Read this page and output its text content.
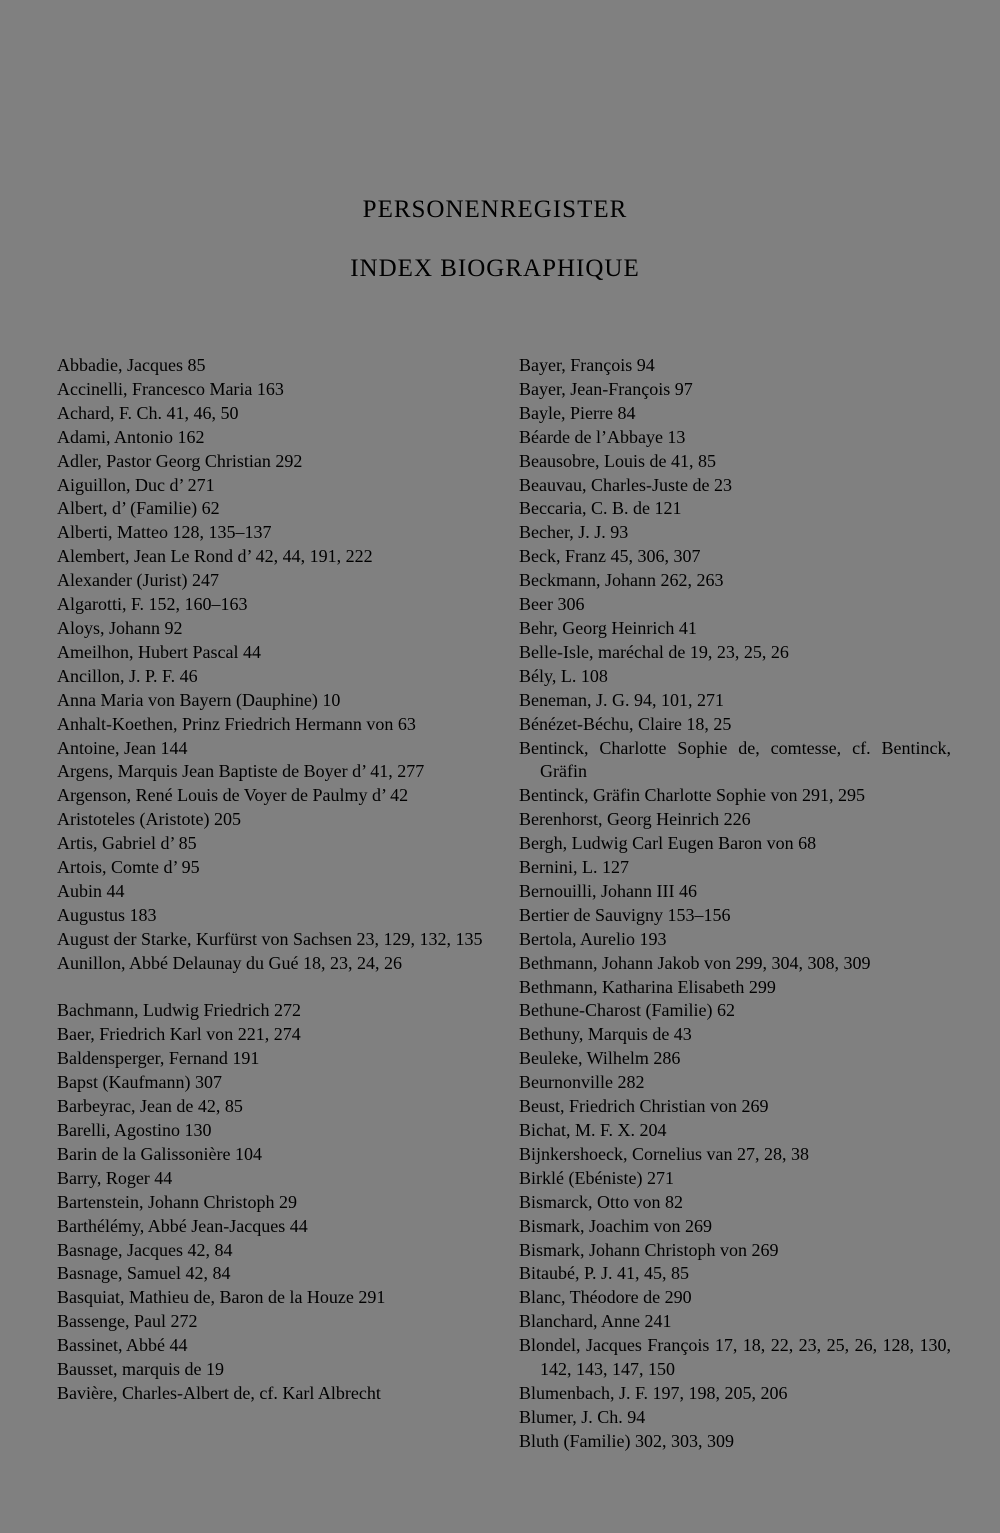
PERSONENREGISTER
INDEX BIOGRAPHIQUE

Abbadie, Jacques 85

Accinelli, Francesco Maria 163

Achard, F. Ch. 41, 46, 50

Adami, Antonio 162

Adler, Pastor Georg Christian 292

Aiguillon, Duc d’ 271

Albert, d’ (Familie) 62

Alberti, Matteo 128, 135–137

Alembert, Jean Le Rond d’ 42, 44, 191, 222

Alexander (Jurist) 247

Algarotti, F. 152, 160–163

Aloys, Johann 92

Ameilhon, Hubert Pascal 44

Ancillon, J. P. F. 46

Anna Maria von Bayern (Dauphine) 10

Anhalt-Koethen, Prinz Friedrich Hermann von 63

Antoine, Jean 144

Argens, Marquis Jean Baptiste de Boyer d’ 41, 277

Argenson, René Louis de Voyer de Paulmy d’ 42

Aristoteles (Aristote) 205

Artis, Gabriel d’ 85

Artois, Comte d’ 95

Aubin 44

Augustus 183

August der Starke, Kurfürst von Sachsen 23, 129, 132, 135

Aunillon, Abbé Delaunay du Gué 18, 23, 24, 26

Bachmann, Ludwig Friedrich 272

Baer, Friedrich Karl von 221, 274

Baldensperger, Fernand 191

Bapst (Kaufmann) 307

Barbeyrac, Jean de 42, 85

Barelli, Agostino 130

Barin de la Galissonière 104

Barry, Roger 44

Bartenstein, Johann Christoph 29

Barthélémy, Abbé Jean-Jacques 44

Basnage, Jacques 42, 84

Basnage, Samuel 42, 84

Basquiat, Mathieu de, Baron de la Houze 291

Bassenge, Paul 272

Bassinet, Abbé 44

Bausset, marquis de 19

Bavière, Charles-Albert de, cf. Karl Albrecht

Bayer, François 94

Bayer, Jean-François 97

Bayle, Pierre 84

Béarde de l’Abbaye 13

Beausobre, Louis de 41, 85

Beauvau, Charles-Juste de 23

Beccaria, C. B. de 121

Becher, J. J. 93

Beck, Franz 45, 306, 307

Beckmann, Johann 262, 263

Beer 306

Behr, Georg Heinrich 41

Belle-Isle, maréchal de 19, 23, 25, 26

Bély, L. 108

Beneman, J. G. 94, 101, 271

Bénézet-Béchu, Claire 18, 25

Bentinck, Charlotte Sophie de, comtesse, cf. Bentinck, Gräfin

Bentinck, Gräfin Charlotte Sophie von 291, 295

Berenhorst, Georg Heinrich 226

Bergh, Ludwig Carl Eugen Baron von 68

Bernini, L. 127

Bernouilli, Johann III 46

Bertier de Sauvigny 153–156

Bertola, Aurelio 193

Bethmann, Johann Jakob von 299, 304, 308, 309

Bethmann, Katharina Elisabeth 299

Bethune-Charost (Familie) 62

Bethuny, Marquis de 43

Beuleke, Wilhelm 286

Beurnonville 282

Beust, Friedrich Christian von 269

Bichat, M. F. X. 204

Bijnkershoeck, Cornelius van 27, 28, 38

Birklé (Ebéniste) 271

Bismarck, Otto von 82

Bismark, Joachim von 269

Bismark, Johann Christoph von 269

Bitaubé, P. J. 41, 45, 85

Blanc, Théodore de 290

Blanchard, Anne 241

Blondel, Jacques François 17, 18, 22, 23, 25, 26, 128, 130, 142, 143, 147, 150

Blumenbach, J. F. 197, 198, 205, 206

Blumer, J. Ch. 94

Bluth (Familie) 302, 303, 309
